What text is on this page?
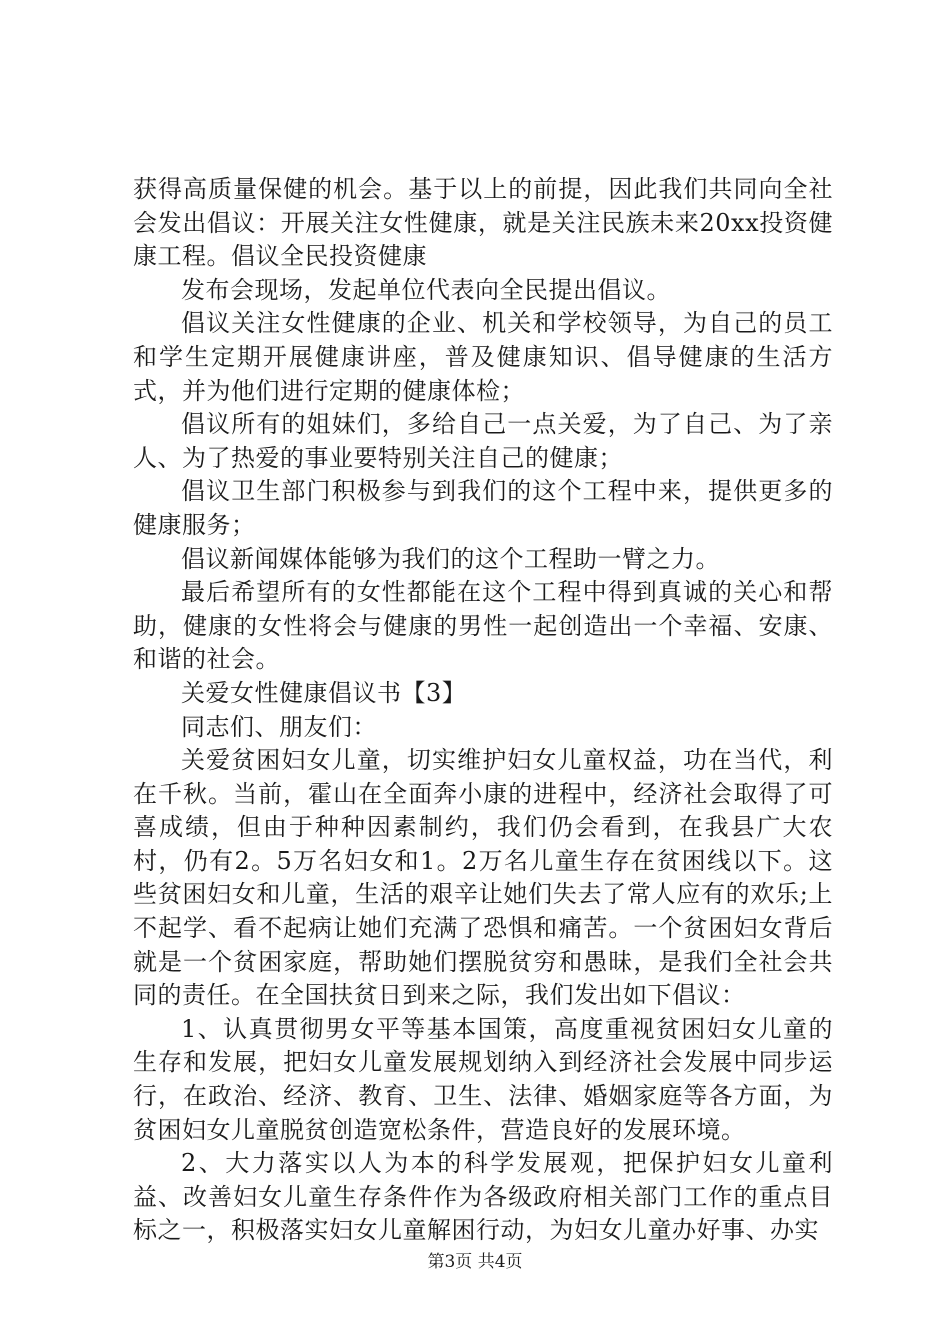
获得高质量保健的机会。基于以上的前提，因此我们共同向全社会发出倡议：开展关注女性健康，就是关注民族未来20xx投资健康工程。倡议全民投资健康

发布会现场，发起单位代表向全民提出倡议。

倡议关注女性健康的企业、机关和学校领导，为自己的员工和学生定期开展健康讲座，普及健康知识、倡导健康的生活方式，并为他们进行定期的健康体检；

倡议所有的姐妹们，多给自己一点关爱，为了自己、为了亲人、为了热爱的事业要特别关注自己的健康；

倡议卫生部门积极参与到我们的这个工程中来，提供更多的健康服务；

倡议新闻媒体能够为我们的这个工程助一臂之力。

最后希望所有的女性都能在这个工程中得到真诚的关心和帮助，健康的女性将会与健康的男性一起创造出一个幸福、安康、和谐的社会。

关爱女性健康倡议书【3】

同志们、朋友们：

关爱贫困妇女儿童，切实维护妇女儿童权益，功在当代，利在千秋。当前，霍山在全面奔小康的进程中，经济社会取得了可喜成绩，但由于种种因素制约，我们仍会看到，在我县广大农村，仍有2。5万名妇女和1。2万名儿童生存在贫困线以下。这些贫困妇女和儿童，生活的艰辛让她们失去了常人应有的欢乐;上不起学、看不起病让她们充满了恐惧和痛苦。一个贫困妇女背后就是一个贫困家庭，帮助她们摆脱贫穷和愚昧，是我们全社会共同的责任。在全国扶贫日到来之际，我们发出如下倡议：

1、认真贯彻男女平等基本国策，高度重视贫困妇女儿童的生存和发展，把妇女儿童发展规划纳入到经济社会发展中同步运行，在政治、经济、教育、卫生、法律、婚姻家庭等各方面，为贫困妇女儿童脱贫创造宽松条件，营造良好的发展环境。

2、大力落实以人为本的科学发展观，把保护妇女儿童利益、改善妇女儿童生存条件作为各级政府相关部门工作的重点目标之一，积极落实妇女儿童解困行动，为妇女儿童办好事、办实

第3页 共4页
